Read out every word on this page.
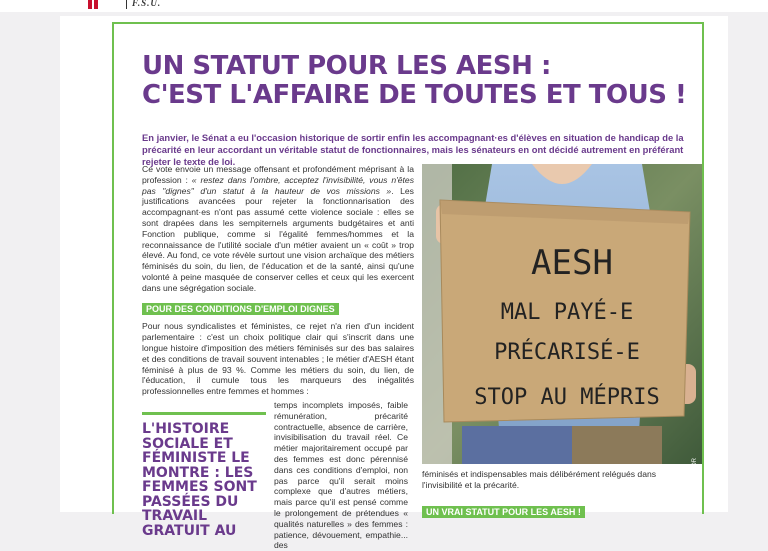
F.S.U.
UN STATUT POUR LES AESH :
C'EST L'AFFAIRE DE TOUTES ET TOUS !
En janvier, le Sénat a eu l'occasion historique de sortir enfin les accompagnant·es d'élèves en situation de handicap de la précarité en leur accordant un véritable statut de fonctionnaires, mais les sénateurs en ont décidé autrement en préférant rejeter le texte de loi.

Ce vote envoie un message offensant et profondément méprisant à la profession : « restez dans l'ombre, acceptez l'invisibilité, vous n'êtes pas "dignes" d'un statut à la hauteur de vos missions ». Les justifications avancées pour rejeter la fonctionnarisation des accompagnant·es n'ont pas assumé cette violence sociale : elles se sont drapées dans les sempiternels arguments budgétaires et anti Fonction publique, comme si l'égalité femmes/hommes et la reconnaissance de l'utilité sociale d'un métier avaient un « coût » trop élevé. Au fond, ce vote révèle surtout une vision archaïque des métiers féminisés du soin, du lien, de l'éducation et de la santé, ainsi qu'une volonté à peine masquée de conserver celles et ceux qui les exercent dans une ségrégation sociale.

POUR DES CONDITIONS D'EMPLOI DIGNES

Pour nous syndicalistes et féministes, ce rejet n'a rien d'un incident parlementaire : c'est un choix politique clair qui s'inscrit dans une longue histoire d'imposition des métiers féminisés sur des bas salaires et des conditions de travail souvent intenables ; le métier d'AESH étant féminisé à plus de 93 %. Comme les métiers du soin, du lien, de l'éducation, il cumule tous les marqueurs des inégalités professionnelles entre femmes et hommes :

L'HISTOIRE SOCIALE ET FÉMINISTE LE MONTRE : LES FEMMES SONT PASSÉES DU TRAVAIL GRATUIT AU
temps incomplets imposés, faible rémunération, précarité contractuelle, absence de carrière, invisibilisation du travail réel. Ce métier majoritairement occupé par des femmes est donc pérennisé dans ces conditions d'emploi, non pas parce qu'il serait moins complexe que d'autres métiers, mais parce qu'il est pensé comme le prolongement de prétendues « qualités naturelles » des femmes : patience, dévouement, empathie... des
AESH
MAL PAYÉ-E
PRÉCARISÉ-E
STOP AU MÉPRIS
© DR
féminisés et indispensables mais délibérément relégués dans l'invisibilité et la précarité.
UN VRAI STATUT POUR LES AESH !
